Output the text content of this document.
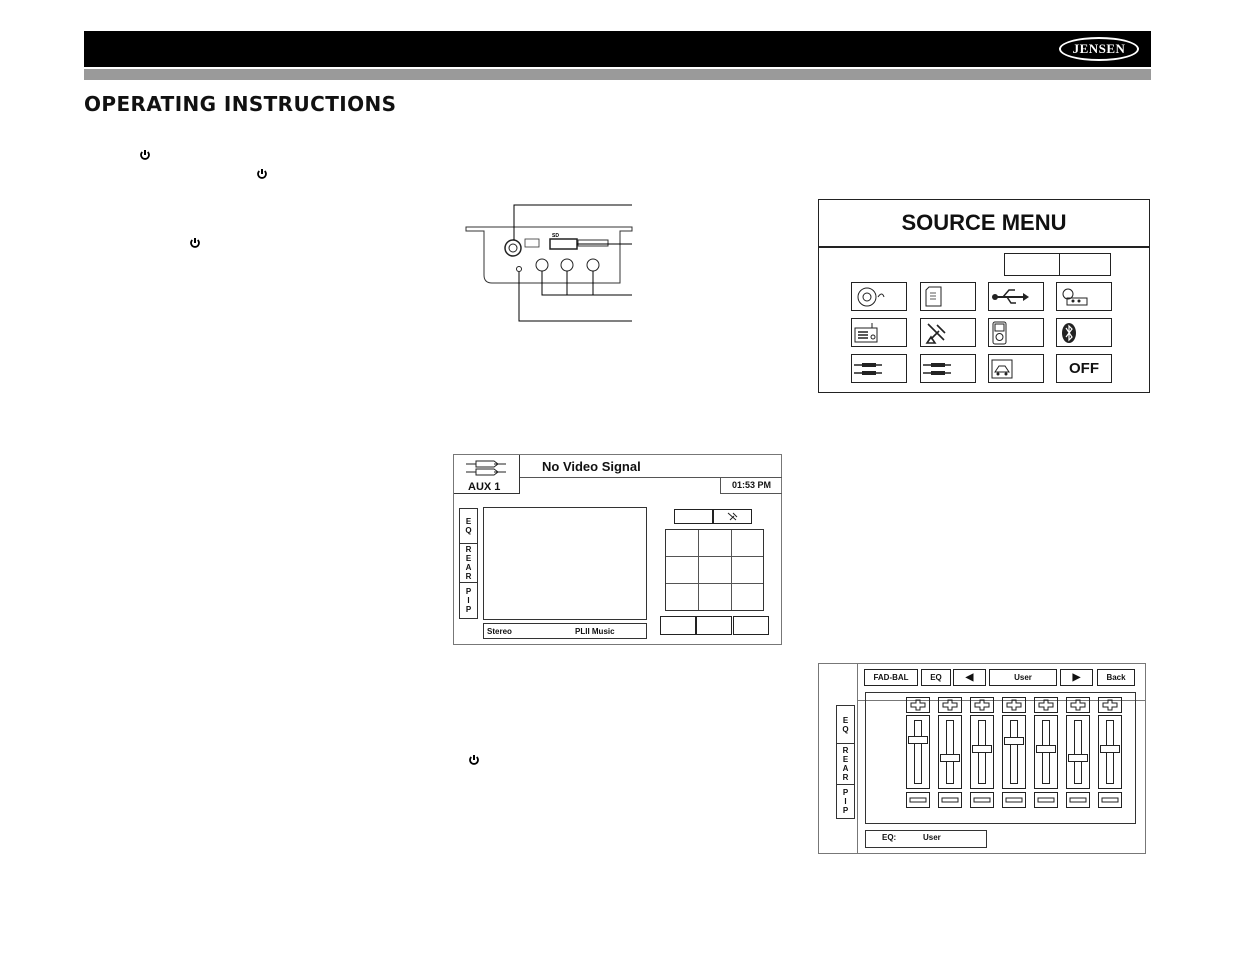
JENSEN
OPERATING INSTRUCTIONS
SD
SOURCE MENU
OFF
AUX 1
No Video Signal
01:53 PM
E Q
R E A R
P I P
Stereo	PLII Music
FAD-BAL	EQ	◀	User	▶	Back
E Q
R E A R
P I P
EQ:	User
